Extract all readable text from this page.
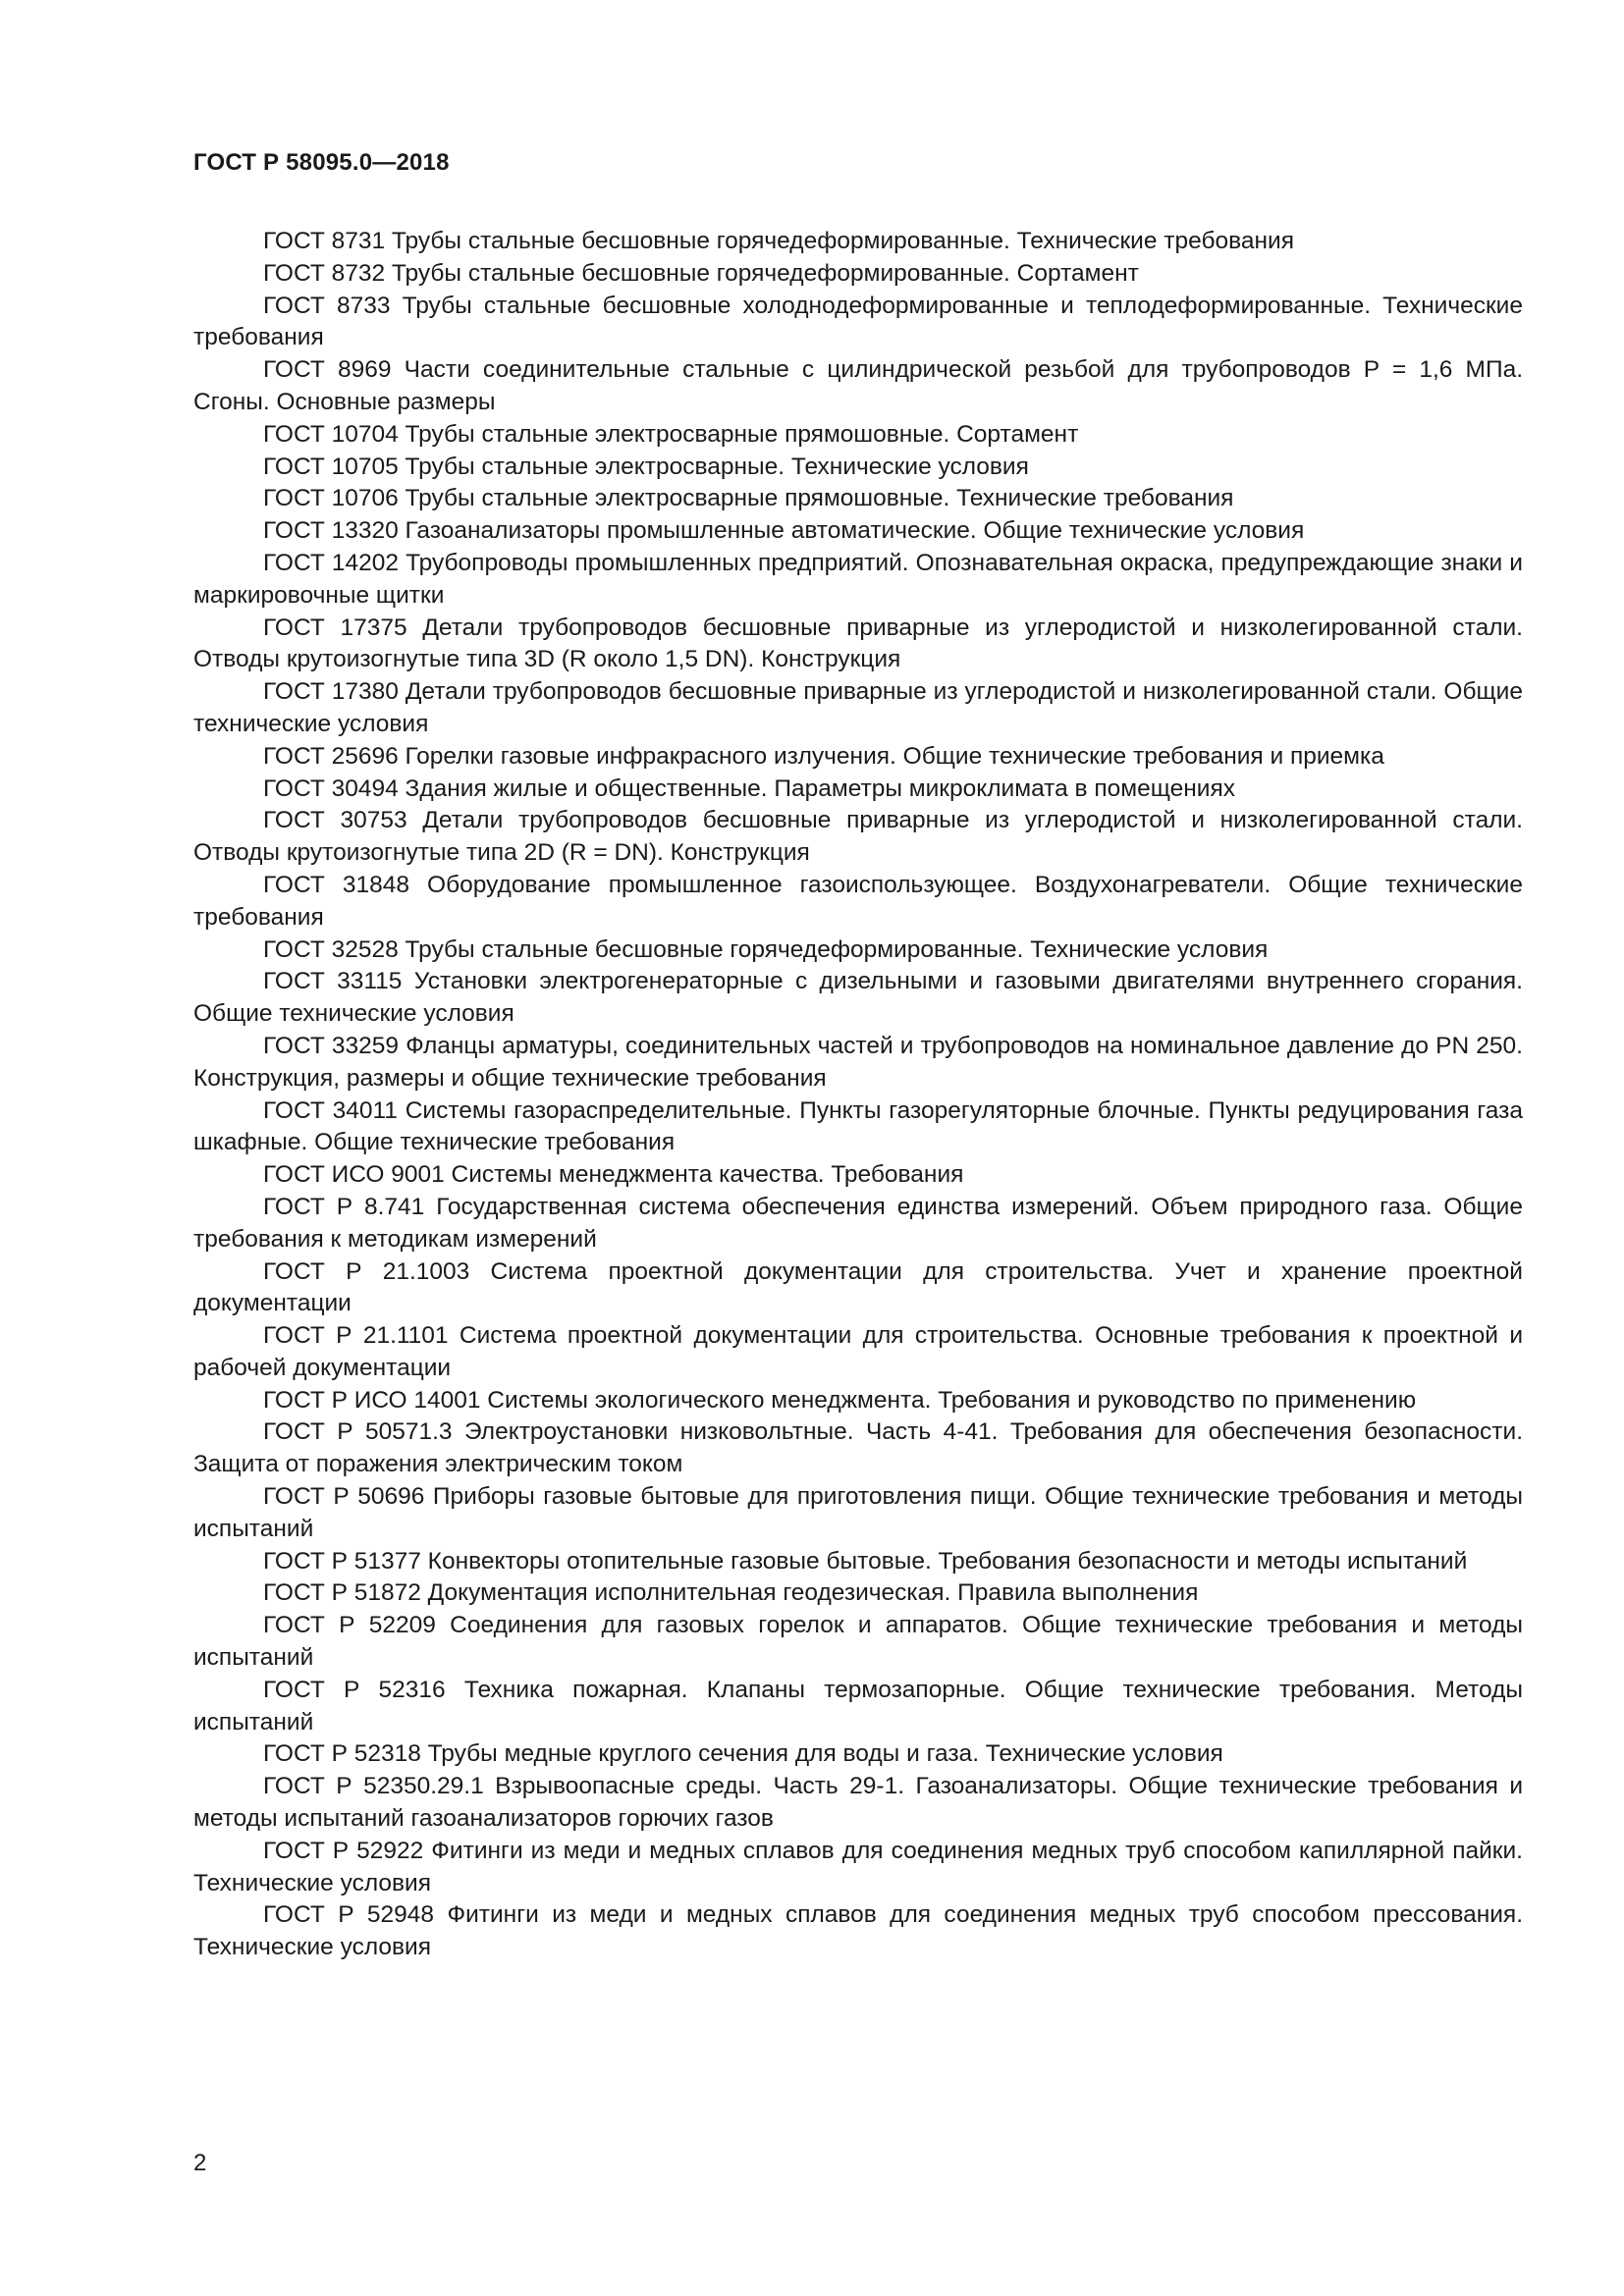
ГОСТ Р 58095.0—2018

ГОСТ 8731 Трубы стальные бесшовные горячедеформированные. Технические требования

ГОСТ 8732 Трубы стальные бесшовные горячедеформированные. Сортамент

ГОСТ 8733 Трубы стальные бесшовные холоднодеформированные и теплодеформированные. Технические требования

ГОСТ 8969 Части соединительные стальные с цилиндрической резьбой для трубопроводов P = 1,6 МПа. Сгоны. Основные размеры

ГОСТ 10704 Трубы стальные электросварные прямошовные. Сортамент

ГОСТ 10705 Трубы стальные электросварные. Технические условия

ГОСТ 10706 Трубы стальные электросварные прямошовные. Технические требования

ГОСТ 13320 Газоанализаторы промышленные автоматические. Общие технические условия

ГОСТ 14202 Трубопроводы промышленных предприятий. Опознавательная окраска, предупреждающие знаки и маркировочные щитки

ГОСТ 17375 Детали трубопроводов бесшовные приварные из углеродистой и низколегированной стали. Отводы крутоизогнутые типа 3D (R около 1,5 DN). Конструкция

ГОСТ 17380 Детали трубопроводов бесшовные приварные из углеродистой и низколегированной стали. Общие технические условия

ГОСТ 25696 Горелки газовые инфракрасного излучения. Общие технические требования и приемка

ГОСТ 30494 Здания жилые и общественные. Параметры микроклимата в помещениях

ГОСТ 30753 Детали трубопроводов бесшовные приварные из углеродистой и низколегированной стали. Отводы крутоизогнутые типа 2D (R = DN). Конструкция

ГОСТ 31848 Оборудование промышленное газоиспользующее. Воздухонагреватели. Общие технические требования

ГОСТ 32528 Трубы стальные бесшовные горячедеформированные. Технические условия

ГОСТ 33115 Установки электрогенераторные с дизельными и газовыми двигателями внутреннего сгорания. Общие технические условия

ГОСТ 33259 Фланцы арматуры, соединительных частей и трубопроводов на номинальное давление до PN 250. Конструкция, размеры и общие технические требования

ГОСТ 34011 Системы газораспределительные. Пункты газорегуляторные блочные. Пункты редуцирования газа шкафные. Общие технические требования

ГОСТ ИСО 9001 Системы менеджмента качества. Требования

ГОСТ Р 8.741 Государственная система обеспечения единства измерений. Объем природного газа. Общие требования к методикам измерений

ГОСТ Р 21.1003 Система проектной документации для строительства. Учет и хранение проектной документации

ГОСТ Р 21.1101 Система проектной документации для строительства. Основные требования к проектной и рабочей документации

ГОСТ Р ИСО 14001 Системы экологического менеджмента. Требования и руководство по применению

ГОСТ Р 50571.3 Электроустановки низковольтные. Часть 4-41. Требования для обеспечения безопасности. Защита от поражения электрическим током

ГОСТ Р 50696 Приборы газовые бытовые для приготовления пищи. Общие технические требования и методы испытаний

ГОСТ Р 51377 Конвекторы отопительные газовые бытовые. Требования безопасности и методы испытаний

ГОСТ Р 51872 Документация исполнительная геодезическая. Правила выполнения

ГОСТ Р 52209 Соединения для газовых горелок и аппаратов. Общие технические требования и методы испытаний

ГОСТ Р 52316 Техника пожарная. Клапаны термозапорные. Общие технические требования. Методы испытаний

ГОСТ Р 52318 Трубы медные круглого сечения для воды и газа. Технические условия

ГОСТ Р 52350.29.1 Взрывоопасные среды. Часть 29-1. Газоанализаторы. Общие технические требования и методы испытаний газоанализаторов горючих газов

ГОСТ Р 52922 Фитинги из меди и медных сплавов для соединения медных труб способом капиллярной пайки. Технические условия

ГОСТ Р 52948 Фитинги из меди и медных сплавов для соединения медных труб способом прессования. Технические условия

2
